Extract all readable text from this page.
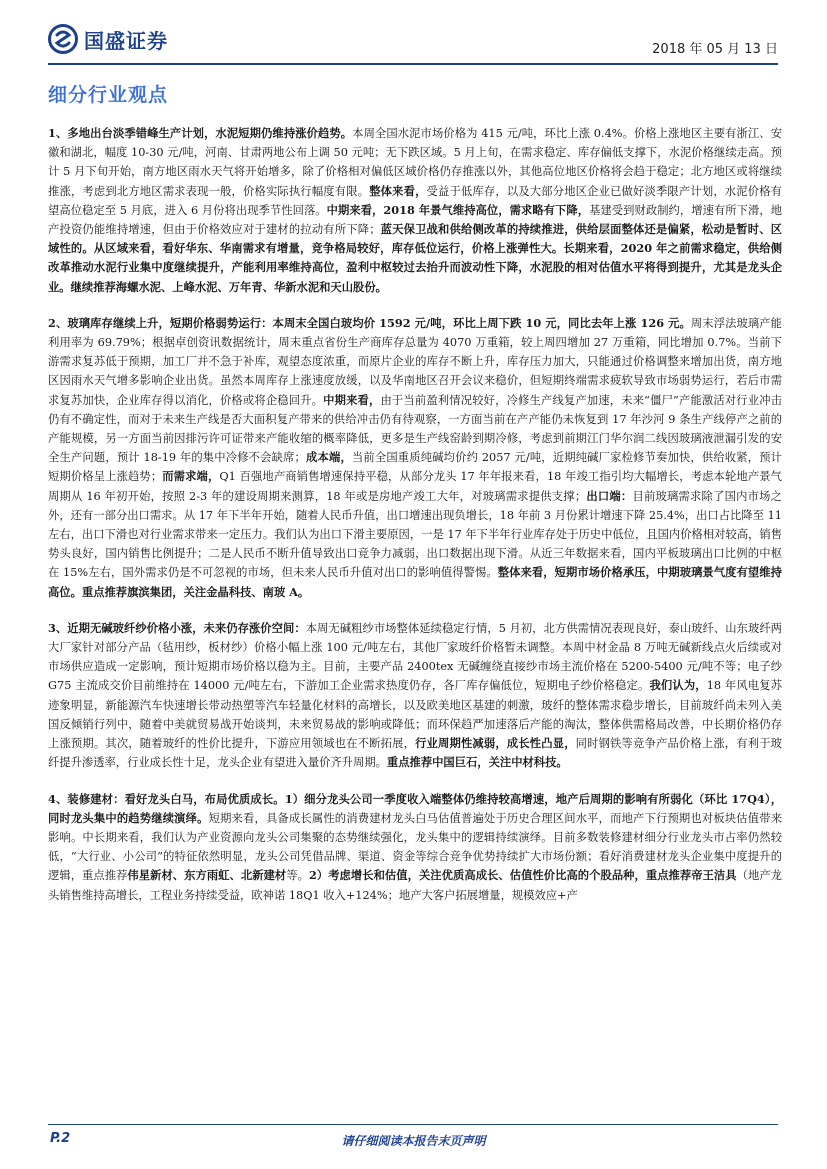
国盛证券	2018 年 05 月 13 日
细分行业观点

1、多地出台淡季错峰生产计划，水泥短期仍维持涨价趋势。本周全国水泥市场价格为 415 元/吨，环比上涨 0.4%。价格上涨地区主要有浙江、安徽和湖北，幅度 10-30 元/吨，河南、甘肃两地公布上调 50 元吨；无下跌区域。5 月上旬，在需求稳定、库存偏低支撑下，水泥价格继续走高。预计 5 月下旬开始，南方地区雨水天气将开始增多，除了价格相对偏低区域价格仍存推涨以外，其他高位地区价格将会趋于稳定；北方地区或将继续推涨，考虑到北方地区需求表现一般，价格实际执行幅度有限。整体来看，受益于低库存，以及大部分地区企业已做好淡季限产计划，水泥价格有望高位稳定至 5 月底，进入 6 月份将出现季节性回落。中期来看，2018 年景气维持高位，需求略有下降，基建受到财政制约，增速有所下滑，地产投资仍能维持增速，但由于价格效应对于建材的拉动有所下降；蓝天保卫战和供给侧改革的持续推进，供给层面整体还是偏紧，松动是暂时、区域性的。从区域来看，看好华东、华南需求有增量，竞争格局较好，库存低位运行，价格上涨弹性大。长期来看，2020 年之前需求稳定，供给侧改革推动水泥行业集中度继续提升，产能利用率维持高位，盈利中枢较过去抬升而波动性下降，水泥股的相对估值水平将得到提升，尤其是龙头企业。继续推荐海螺水泥、上峰水泥、万年青、华新水泥和天山股份。

2、玻璃库存继续上升，短期价格弱势运行：本周末全国白玻均价 1592 元/吨，环比上周下跌 10 元，同比去年上涨 126 元。周末浮法玻璃产能利用率为 69.79%；根据卓创资讯数据统计，周末重点省份生产商库存总量为 4070 万重箱，较上周四增加 27 万重箱，同比增加 0.7%。当前下游需求复苏低于预期，加工厂并不急于补库，观望态度浓重，而原片企业的库存不断上升，库存压力加大，只能通过价格调整来增加出货，南方地区因雨水天气增多影响企业出货。虽然本周库存上涨速度放缓，以及华南地区召开会议来稳价，但短期终端需求疲软导致市场弱势运行，若后市需求复苏加快，企业库存得以消化，价格或将企稳回升。中期来看，由于当前盈利情况较好，冷修生产线复产加速，未来“僵尸”产能激活对行业冲击仍有不确定性，而对于未来生产线是否大面积复产带来的供给冲击仍有待观察，一方面当前在产产能仍未恢复到 17 年沙河 9 条生产线停产之前的产能规模，另一方面当前因排污许可证带来产能收缩的概率降低，更多是生产线窑龄到期冷修，考虑到前期江门华尔润二线因玻璃液泄漏引发的安全生产问题，预计 18-19 年的集中冷修不会缺席；成本端，当前全国重质纯碱均价约 2057 元/吨，近期纯碱厂家检修节奏加快，供给收紧，预计短期价格呈上涨趋势；而需求端，Q1 百强地产商销售增速保持平稳，从部分龙头 17 年年报来看，18 年竣工指引均大幅增长，考虑本轮地产景气周期从 16 年初开始，按照 2-3 年的建设周期来测算，18 年或是房地产竣工大年，对玻璃需求提供支撑；出口端：目前玻璃需求除了国内市场之外，还有一部分出口需求。从 17 年下半年开始，随着人民币升值，出口增速出现负增长，18 年前 3 月份累计增速下降 25.4%，出口占比降至 11 左右，出口下滑也对行业需求带来一定压力。我们认为出口下滑主要原因，一是 17 年下半年行业库存处于历史中低位，且国内价格相对较高，销售势头良好，国内销售比例提升；二是人民币不断升值导致出口竞争力减弱，出口数据出现下滑。从近三年数据来看，国内平板玻璃出口比例的中枢在 15%左右，国外需求仍是不可忽视的市场，但未来人民币升值对出口的影响值得警惕。整体来看，短期市场价格承压，中期玻璃景气度有望维持高位。重点推荐旗滨集团，关注金晶科技、南玻 A。

3、近期无碱玻纤纱价格小涨，未来仍存涨价空间：本周无碱粗纱市场整体延续稳定行情，5 月初，北方供需情况表现良好，泰山玻纤、山东玻纤两大厂家针对部分产品（毡用纱，板材纱）价格小幅上涨 100 元/吨左右，其他厂家玻纤价格暂未调整。本周中材金晶 8 万吨无碱新线点火后续或对市场供应造成一定影响，预计短期市场价格以稳为主。目前，主要产品 2400tex 无碱缠绕直接纱市场主流价格在 5200-5400 元/吨不等；电子纱 G75 主流成交价目前维持在 14000 元/吨左右，下游加工企业需求热度仍存，各厂库存偏低位，短期电子纱价格稳定。我们认为，18 年风电复苏迹象明显，新能源汽车快速增长带动热塑等汽车轻量化材料的高增长，以及欧美地区基建的刺激，玻纤的整体需求稳步增长，目前玻纤尚未列入美国反倾销行列中，随着中美就贸易战开始谈判，未来贸易战的影响或降低；而环保趋严加速落后产能的淘汰，整体供需格局改善，中长期价格仍存上涨预期。其次，随着玻纤的性价比提升，下游应用领域也在不断拓展，行业周期性减弱，成长性凸显，同时钢铁等竞争产品价格上涨，有利于玻纤提升渗透率，行业成长性十足，龙头企业有望进入量价齐升周期。重点推荐中国巨石，关注中材科技。

4、装修建材：看好龙头白马，布局优质成长。1）细分龙头公司一季度收入端整体仍维持较高增速，地产后周期的影响有所弱化（环比 17Q4），同时龙头集中的趋势继续演绎。短期来看，具备成长属性的消费建材龙头白马估值普遍处于历史合理区间水平，而地产下行预期也对板块估值带来影响。中长期来看，我们认为产业资源向龙头公司集聚的态势继续强化，龙头集中的逻辑持续演绎。目前多数装修建材细分行业龙头市占率仍然较低，“大行业、小公司”的特征依然明显，龙头公司凭借品牌、渠道、资金等综合竞争优势持续扩大市场份额；看好消费建材龙头企业集中度提升的逻辑，重点推荐伟星新材、东方雨虹、北新建材等。2）考虑增长和估值，关注优质高成长、估值性价比高的个股品种，重点推荐帝王洁具（地产龙头销售维持高增长，工程业务持续受益，欧神诺 18Q1 收入+124%；地产大客户拓展增量，规模效应+产

P.2	请仔细阅读本报告末页声明
